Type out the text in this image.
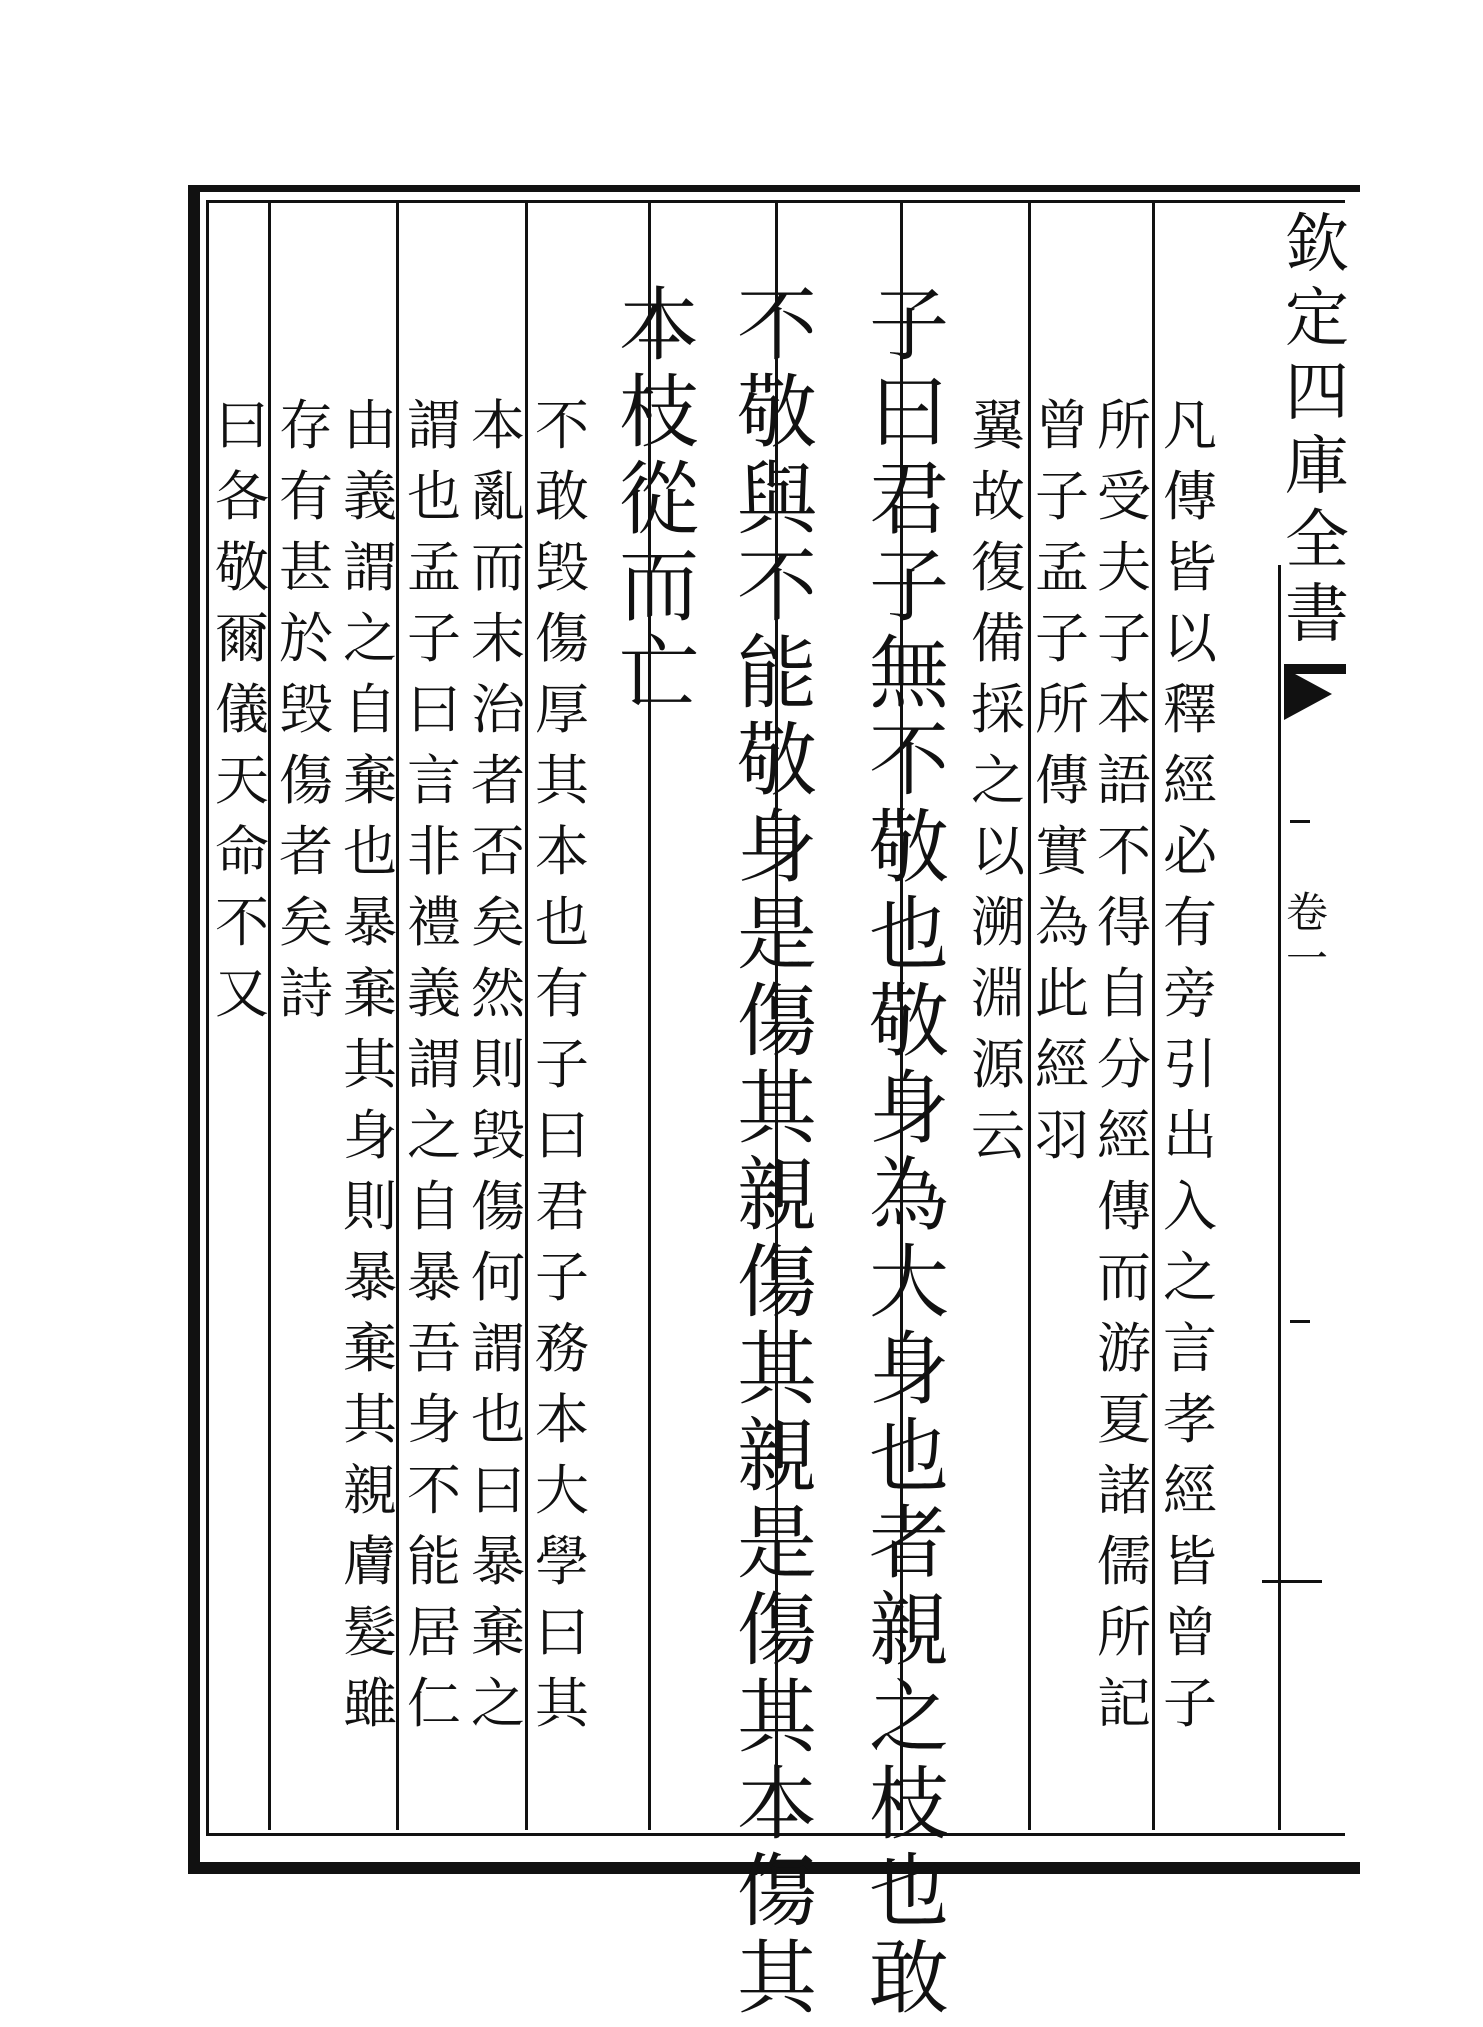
欽
定
四
庫
全
書
卷
一
凡
傳
皆
以
釋
經
必
有
旁
引
出
入
之
言
孝
經
皆
曾
子
所
受
夫
子
本
語
不
得
自
分
經
傳
而
游
夏
諸
儒
所
記
曾
子
孟
子
所
傳
實
為
此
經
羽
翼
故
復
備
採
之
以
溯
淵
源
云
子
曰
君
子
無
不
敬
也
敬
身
為
大
身
也
者
親
之
枝
也
敢
不
敬
與
不
能
敬
身
是
傷
其
親
傷
其
親
是
傷
其
本
傷
其
本
枝
從
而
亡
不
敢
毁
傷
厚
其
本
也
有
子
曰
君
子
務
本
大
學
曰
其
本
亂
而
末
治
者
否
矣
然
則
毁
傷
何
謂
也
曰
暴
棄
之
謂
也
孟
子
曰
言
非
禮
義
謂
之
自
暴
吾
身
不
能
居
仁
由
義
謂
之
自
棄
也
暴
棄
其
身
則
暴
棄
其
親
膚
髮
雖
存
有
甚
於
毁
傷
者
矣
詩
曰
各
敬
爾
儀
天
命
不
又
